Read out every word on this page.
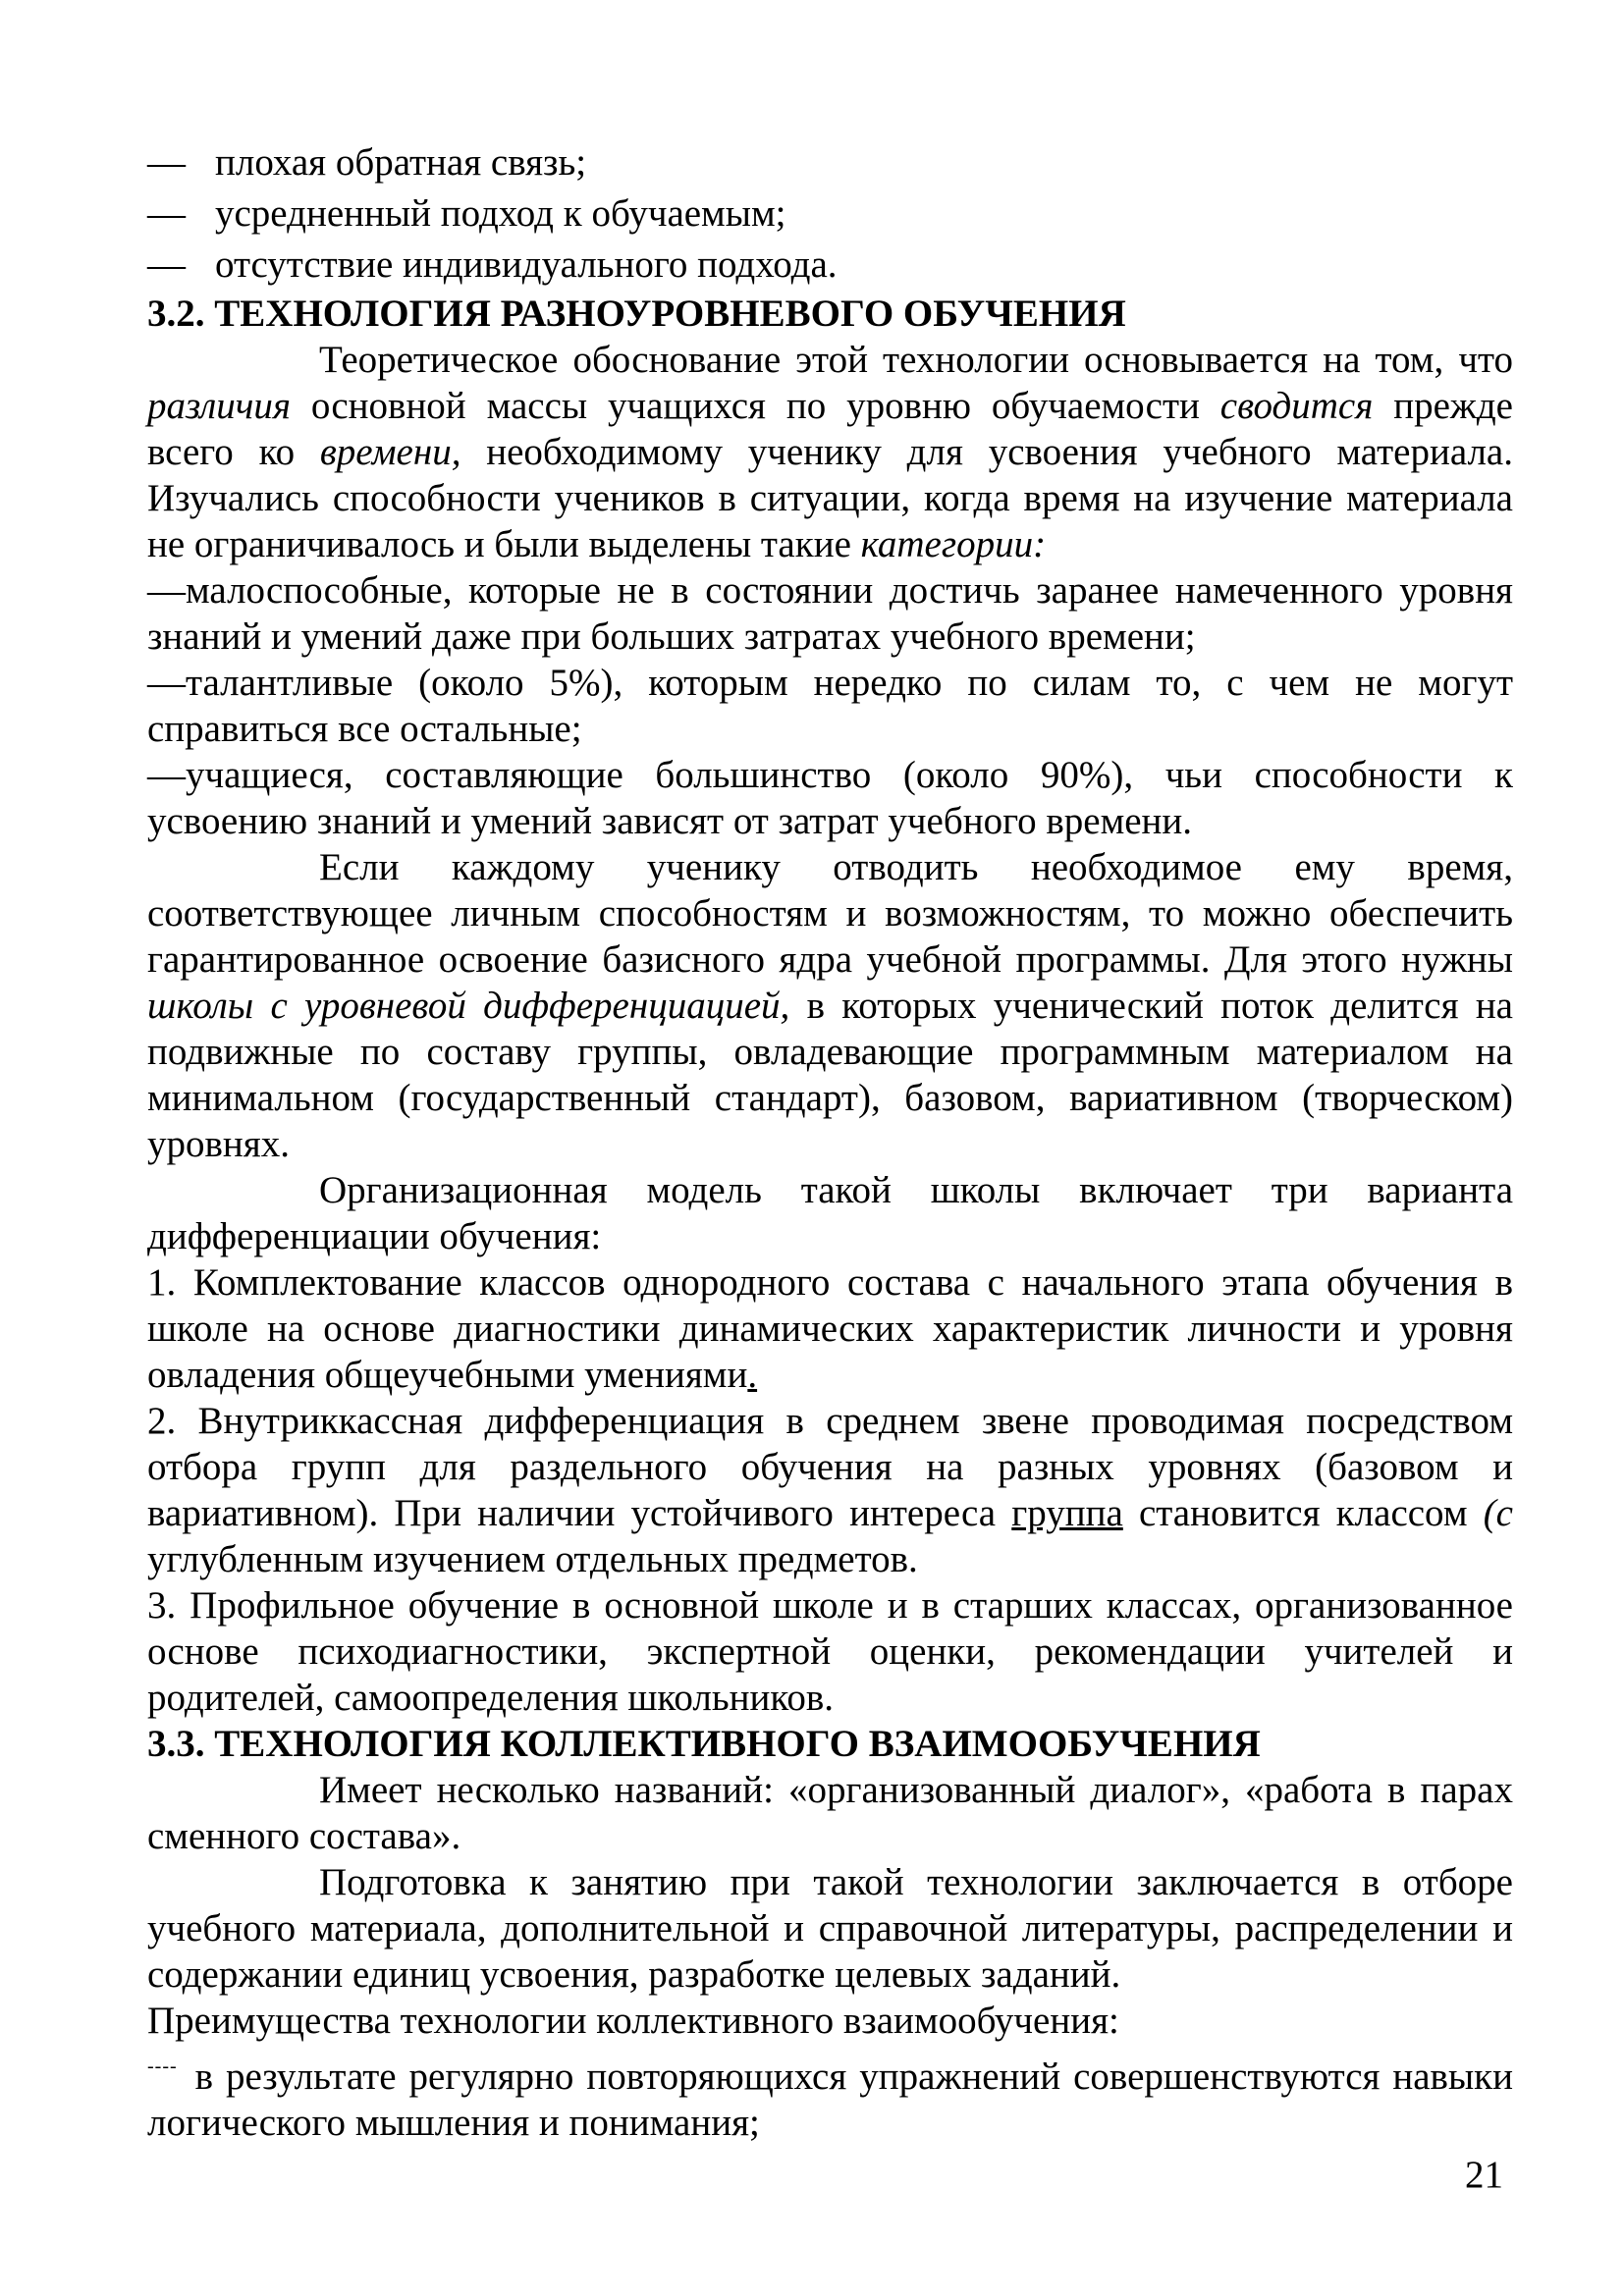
— плохая обратная связь;

— усредненный подход к обучаемым;

— отсутствие индивидуального подхода.

3.2. ТЕХНОЛОГИЯ РАЗНОУРОВНЕВОГО ОБУЧЕНИЯ

Теоретическое обоснование этой технологии основывается на том, что различия основной массы учащихся по уровню обучаемости сводится прежде всего ко времени, необходимому ученику для усвоения учебного материала. Изучались способности учеников в ситуации, когда время на изучение материала не ограничивалось и были выделены такие категории:

—малоспособные, которые не в состоянии достичь заранее намеченного уровня знаний и умений даже при больших затратах учебного времени;

—талантливые (около 5%), которым нередко по силам то, с чем не могут справиться все остальные;

—учащиеся, составляющие большинство (около 90%), чьи способности к усвоению знаний и умений зависят от затрат учебного времени.

Если каждому ученику отводить необходимое ему время, соответствующее личным способностям и возможностям, то можно обеспечить гарантированное освоение базисного ядра учебной программы. Для этого нужны школы с уровневой дифференциацией, в которых ученический поток делится на подвижные по составу группы, овладевающие программным материалом на минимальном (государственный стандарт), базовом, вариативном (творческом) уровнях.

Организационная модель такой школы включает три варианта дифференциации обучения:

1. Комплектование классов однородного состава с начального этапа обучения в школе на основе диагностики динамических характеристик личности и уровня овладения общеучебными умениями.

2. Внутриккассная дифференциация в среднем звене проводимая посредством отбора групп для раздельного обучения на разных уровнях (базовом и вариативном). При наличии устойчивого интереса группа становится классом (с углубленным изучением отдельных предметов.

3. Профильное обучение в основной школе и в старших классах, организованное основе психодиагностики, экспертной оценки, рекомендации учителей и родителей, самоопределения школьников.

3.3. ТЕХНОЛОГИЯ КОЛЛЕКТИВНОГО ВЗАИМООБУЧЕНИЯ

Имеет несколько названий: «организованный диалог», «работа в парах сменного состава».

Подготовка к занятию при такой технологии заключается в отборе учебного материала, дополнительной и справочной литературы, распределении и содержании единиц усвоения, разработке целевых заданий.

Преимущества технологии коллективного взаимообучения:

---- в результате регулярно повторяющихся упражнений совершенствуются навыки логического мышления и понимания;

21
